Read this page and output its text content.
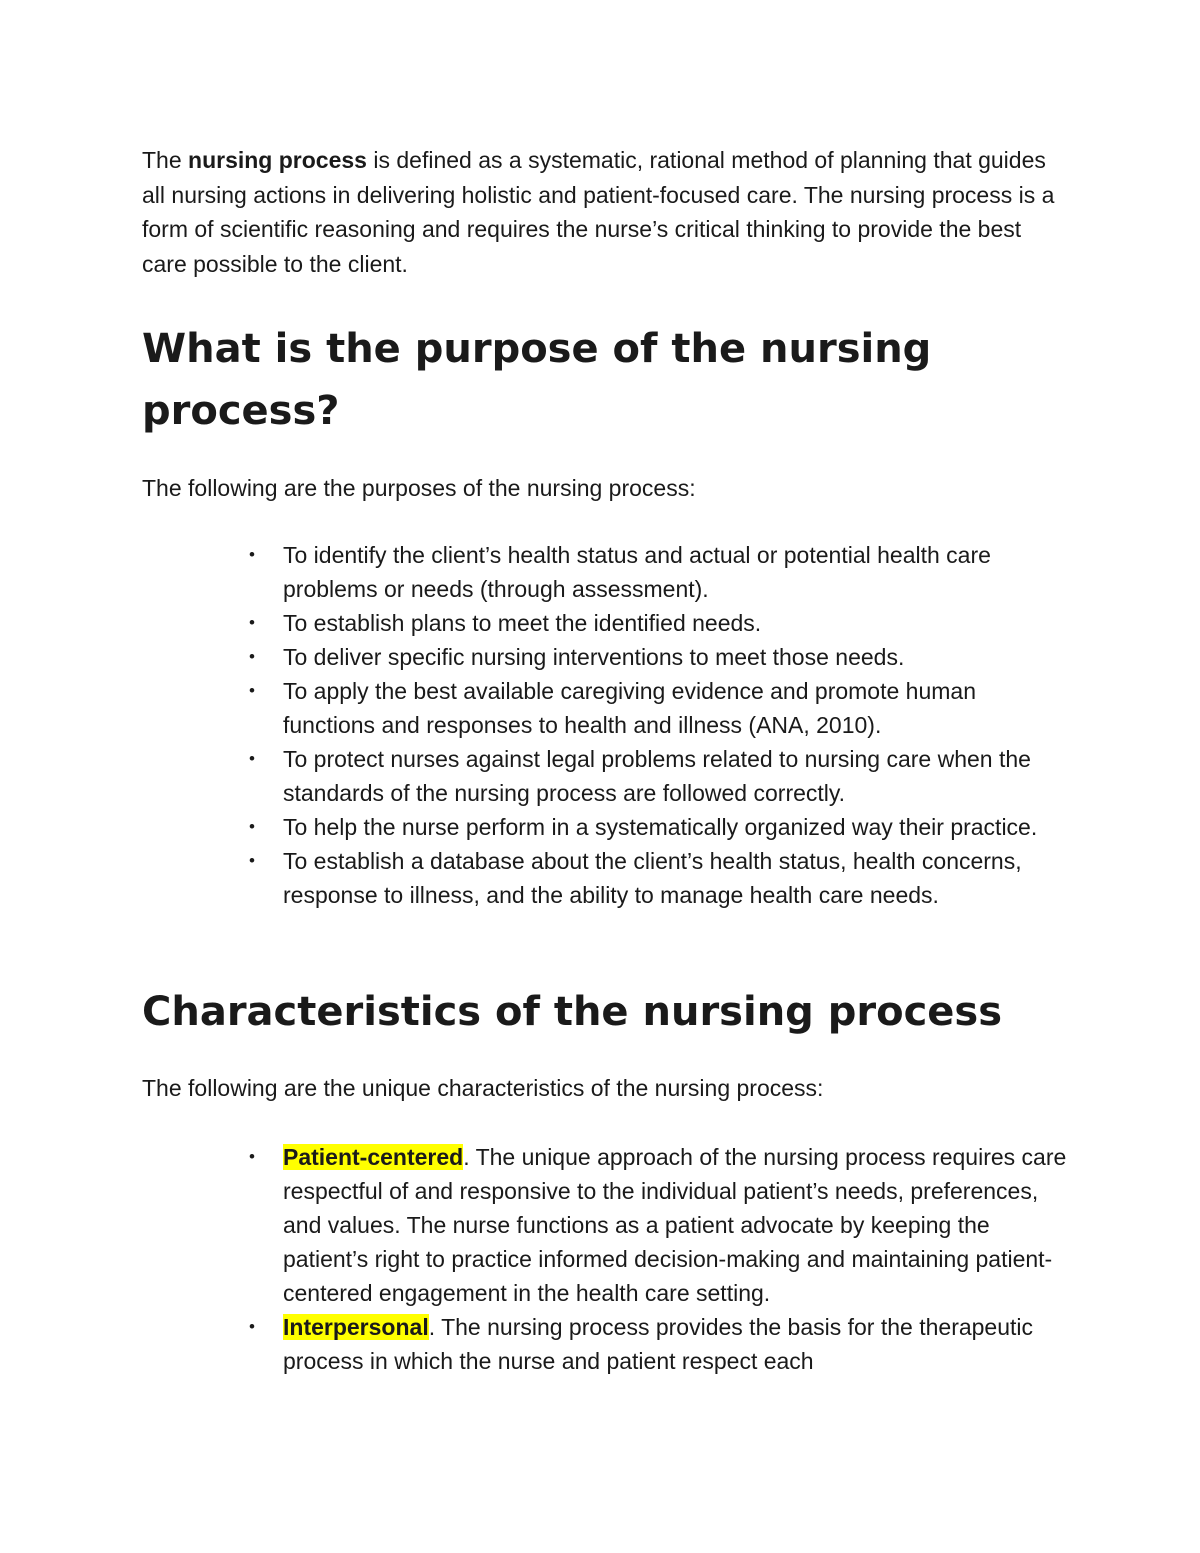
The nursing process is defined as a systematic, rational method of planning that guides all nursing actions in delivering holistic and patient-focused care. The nursing process is a form of scientific reasoning and requires the nurse’s critical thinking to provide the best care possible to the client.

What is the purpose of the nursing process?

The following are the purposes of the nursing process:

•	To identify the client’s health status and actual or potential health care problems or needs (through assessment).
•	To establish plans to meet the identified needs.
•	To deliver specific nursing interventions to meet those needs.
•	To apply the best available caregiving evidence and promote human functions and responses to health and illness (ANA, 2010).
•	To protect nurses against legal problems related to nursing care when the standards of the nursing process are followed correctly.
•	To help the nurse perform in a systematically organized way their practice.
•	To establish a database about the client’s health status, health concerns, response to illness, and the ability to manage health care needs.
Characteristics of the nursing process

The following are the unique characteristics of the nursing process:

•	Patient-centered. The unique approach of the nursing process requires care respectful of and responsive to the individual patient’s needs, preferences, and values. The nurse functions as a patient advocate by keeping the patient’s right to practice informed decision-making and maintaining patient-centered engagement in the health care setting.
•	Interpersonal. The nursing process provides the basis for the therapeutic process in which the nurse and patient respect each
